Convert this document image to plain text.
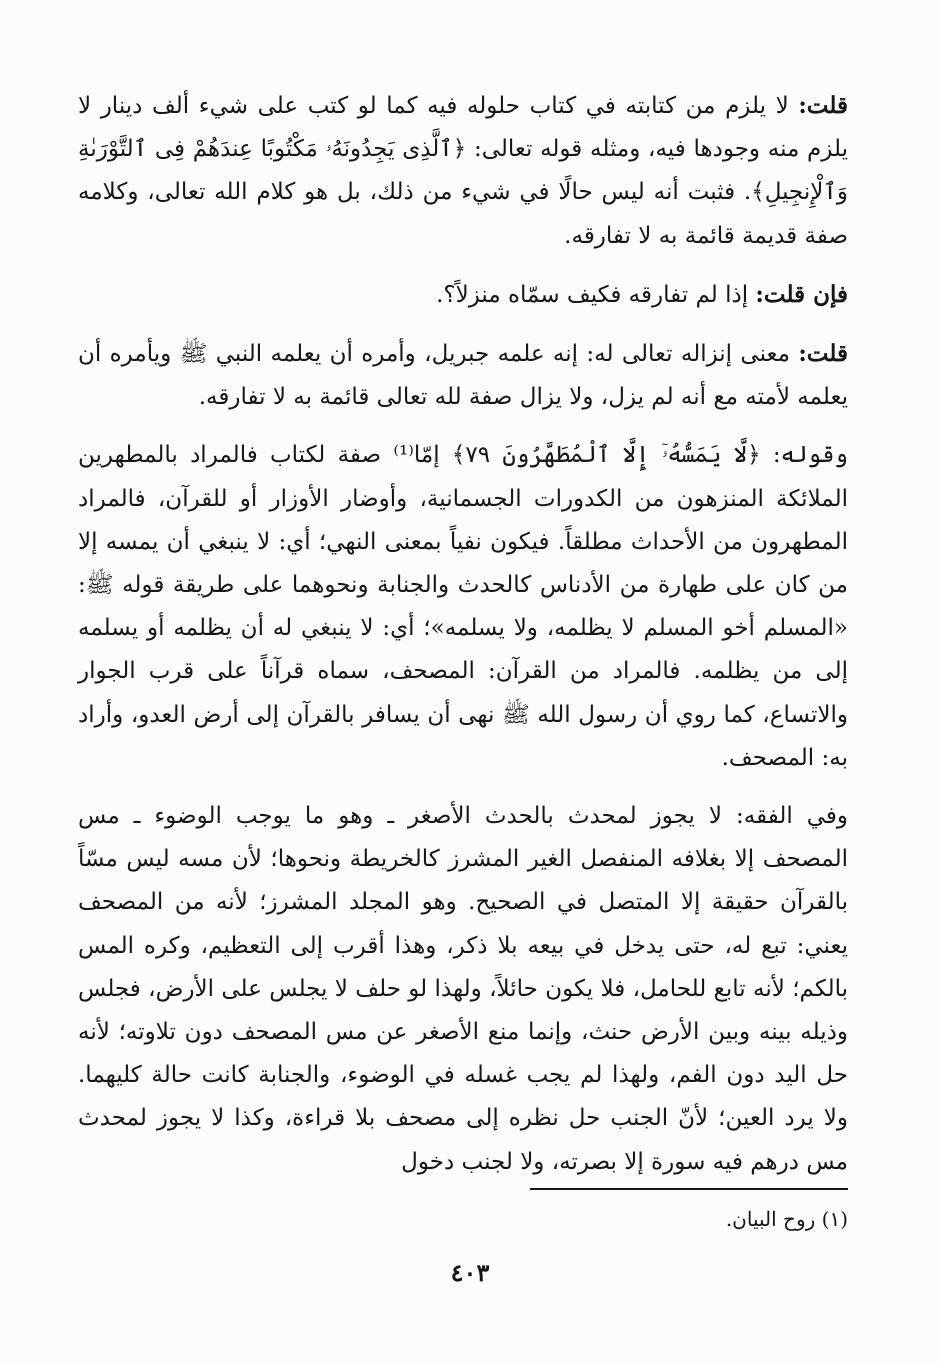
قلت: لا يلزم من كتابته في كتاب حلوله فيه كما لو كتب على شيء ألف دينار لا يلزم منه وجودها فيه، ومثله قوله تعالى: ﴿ٱلَّذِى يَجِدُونَهُۥ مَكْتُوبًا عِندَهُمْ فِى ٱلتَّوْرَىٰةِ وَٱلْإِنجِيلِ﴾. فثبت أنه ليس حالًا في شيء من ذلك، بل هو كلام الله تعالى، وكلامه صفة قديمة قائمة به لا تفارقه.

فإن قلت: إذا لم تفارقه فكيف سمّاه منزلاً؟.

قلت: معنى إنزاله تعالى له: إنه علمه جبريل، وأمره أن يعلمه النبي ﷺ ويأمره أن يعلمه لأمته مع أنه لم يزل، ولا يزال صفة لله تعالى قائمة به لا تفارقه.

وقوله: ﴿لَّا يَمَسُّهُۥٓ إِلَّا ٱلْمُطَهَّرُونَ ٧٩﴾ إمّا⁽¹⁾ صفة لكتاب فالمراد بالمطهرين الملائكة المنزهون من الكدورات الجسمانية، وأوضار الأوزار أو للقرآن، فالمراد المطهرون من الأحداث مطلقاً. فيكون نفياً بمعنى النهي؛ أي: لا ينبغي أن يمسه إلا من كان على طهارة من الأدناس كالحدث والجنابة ونحوهما على طريقة قوله ﷺ: «المسلم أخو المسلم لا يظلمه، ولا يسلمه»؛ أي: لا ينبغي له أن يظلمه أو يسلمه إلى من يظلمه. فالمراد من القرآن: المصحف، سماه قرآناً على قرب الجوار والاتساع، كما روي أن رسول الله ﷺ نهى أن يسافر بالقرآن إلى أرض العدو، وأراد به: المصحف.

وفي الفقه: لا يجوز لمحدث بالحدث الأصغر ـ وهو ما يوجب الوضوء ـ مس المصحف إلا بغلافه المنفصل الغير المشرز كالخريطة ونحوها؛ لأن مسه ليس مسّاً بالقرآن حقيقة إلا المتصل في الصحيح. وهو المجلد المشرز؛ لأنه من المصحف يعني: تبع له، حتى يدخل في بيعه بلا ذكر، وهذا أقرب إلى التعظيم، وكره المس بالكم؛ لأنه تابع للحامل، فلا يكون حائلاً، ولهذا لو حلف لا يجلس على الأرض، فجلس وذيله بينه وبين الأرض حنث، وإنما منع الأصغر عن مس المصحف دون تلاوته؛ لأنه حل اليد دون الفم، ولهذا لم يجب غسله في الوضوء، والجنابة كانت حالة كليهما. ولا يرد العين؛ لأنّ الجنب حل نظره إلى مصحف بلا قراءة، وكذا لا يجوز لمحدث مس درهم فيه سورة إلا بصرته، ولا لجنب دخول

(١) روح البيان.

٤٠٣
